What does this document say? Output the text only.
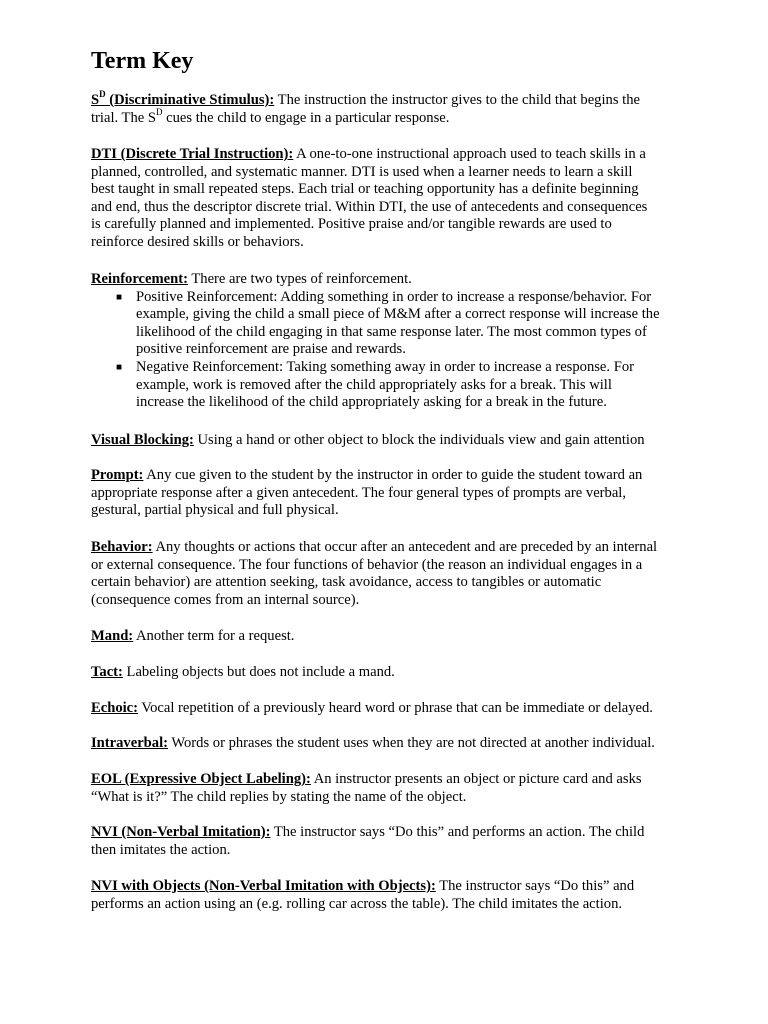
Term Key
$S^D$ (Discriminative Stimulus): The instruction the instructor gives to the child that begins the
trial. The $S^D$ cues the child to engage in a particular response.
DTI (Discrete Trial Instruction): A one-to-one instructional approach used to teach skills in a
planned, controlled, and systematic manner. DTI is used when a learner needs to learn a skill
best taught in small repeated steps. Each trial or teaching opportunity has a definite beginning
and end, thus the descriptor discrete trial. Within DTI, the use of antecedents and consequences
is carefully planned and implemented. Positive praise and/or tangible rewards are used to
reinforce desired skills or behaviors.
Reinforcement: There are two types of reinforcement.
■ Positive Reinforcement: Adding something in order to increase a response/behavior. For
example, giving the child a small piece of M&M after a correct response will increase the
likelihood of the child engaging in that same response later. The most common types of
positive reinforcement are praise and rewards.
■ Negative Reinforcement: Taking something away in order to increase a response. For
example, work is removed after the child appropriately asks for a break. This will
increase the likelihood of the child appropriately asking for a break in the future.
Visual Blocking: Using a hand or other object to block the individuals view and gain attention
Prompt: Any cue given to the student by the instructor in order to guide the student toward an
appropriate response after a given antecedent. The four general types of prompts are verbal,
gestural, partial physical and full physical.
Behavior: Any thoughts or actions that occur after an antecedent and are preceded by an internal
or external consequence. The four functions of behavior (the reason an individual engages in a
certain behavior) are attention seeking, task avoidance, access to tangibles or automatic
(consequence comes from an internal source).
Mand: Another term for a request.
Tact: Labeling objects but does not include a mand.
Echoic: Vocal repetition of a previously heard word or phrase that can be immediate or delayed.
Intraverbal: Words or phrases the student uses when they are not directed at another individual.
EOL (Expressive Object Labeling): An instructor presents an object or picture card and asks
“What is it?” The child replies by stating the name of the object.
NVI (Non-Verbal Imitation): The instructor says “Do this” and performs an action. The child
then imitates the action.
NVI with Objects (Non-Verbal Imitation with Objects): The instructor says “Do this” and
performs an action using an (e.g. rolling car across the table). The child imitates the action.
